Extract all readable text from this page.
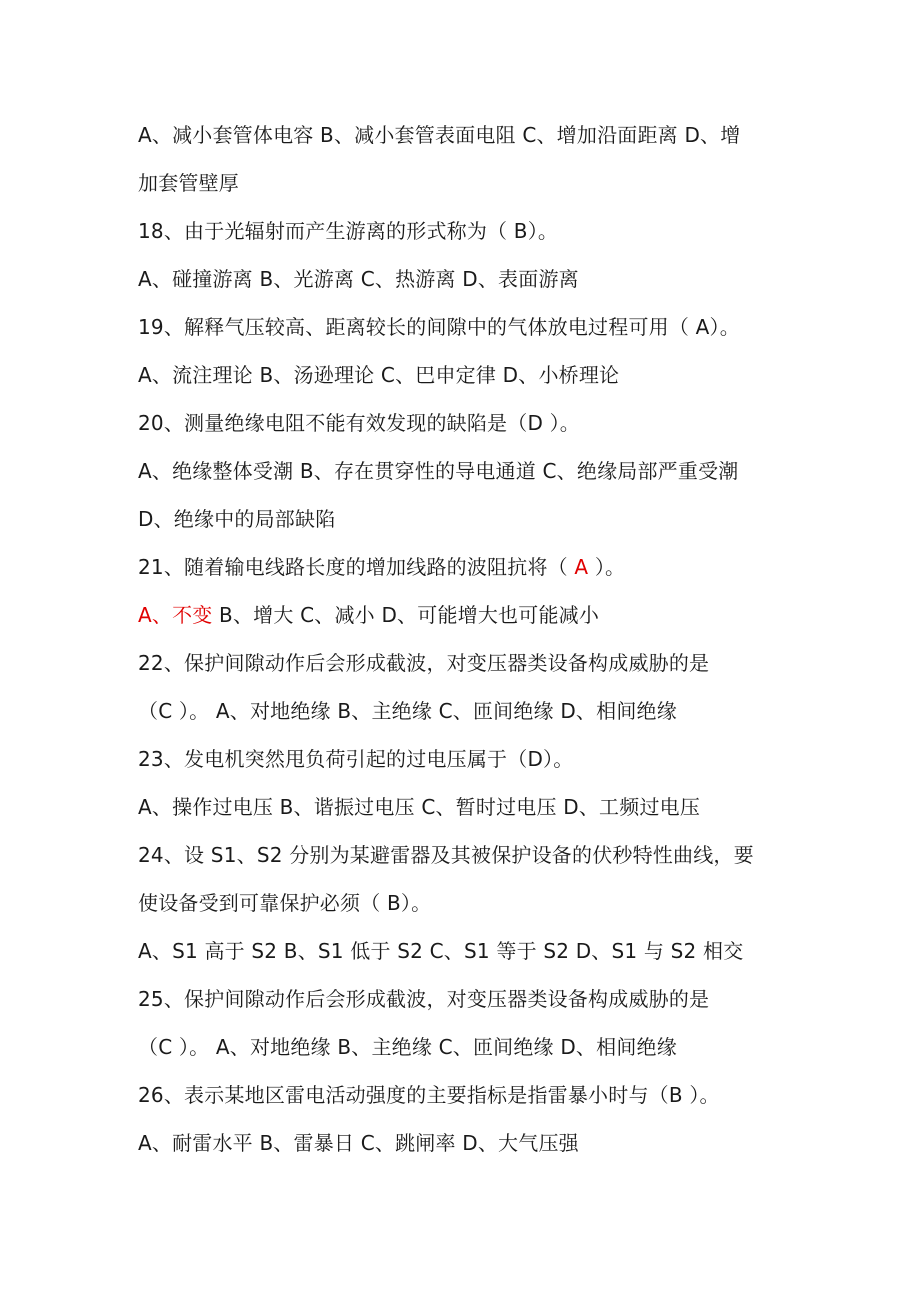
A、减小套管体电容 B、减小套管表面电阻 C、增加沿面距离 D、增
加套管壁厚
18、由于光辐射而产生游离的形式称为（ B）。
A、碰撞游离 B、光游离 C、热游离 D、表面游离
19、解释气压较高、距离较长的间隙中的气体放电过程可用（ A）。
A、流注理论 B、汤逊理论 C、巴申定律 D、小桥理论
20、测量绝缘电阻不能有效发现的缺陷是（D ）。
A、绝缘整体受潮 B、存在贯穿性的导电通道 C、绝缘局部严重受潮
D、绝缘中的局部缺陷
21、随着输电线路长度的增加线路的波阻抗将（ A ）。
A、不变 B、增大 C、减小 D、可能增大也可能减小
22、保护间隙动作后会形成截波，对变压器类设备构成威胁的是
（C ）。 A、对地绝缘 B、主绝缘 C、匝间绝缘 D、相间绝缘
23、发电机突然甩负荷引起的过电压属于（D）。
A、操作过电压 B、谐振过电压 C、暂时过电压 D、工频过电压
24、设 S1、S2 分别为某避雷器及其被保护设备的伏秒特性曲线，要
使设备受到可靠保护必须（ B）。
A、S1 高于 S2 B、S1 低于 S2 C、S1 等于 S2 D、S1 与 S2 相交
25、保护间隙动作后会形成截波，对变压器类设备构成威胁的是
（C ）。 A、对地绝缘 B、主绝缘 C、匝间绝缘 D、相间绝缘
26、表示某地区雷电活动强度的主要指标是指雷暴小时与（B ）。
A、耐雷水平 B、雷暴日 C、跳闸率 D、大气压强
